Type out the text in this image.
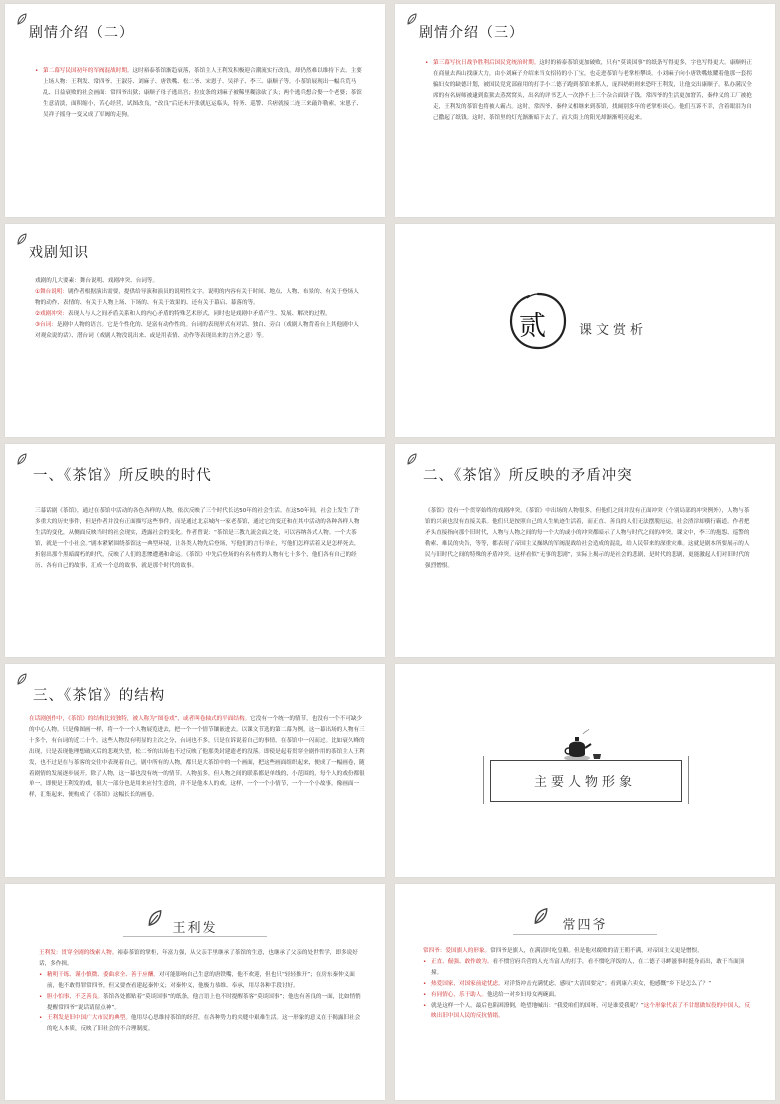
剧情介绍（二）

• 第二幕写民国初年的军阀混战时期。这时裕泰茶馆渐趋衰落，茶馆主人王利发积极迎合潮流实行改良，却仍然难以维持下去。主要上场人物：王利发、常四爷、王淑芬、刘麻子、唐铁嘴、松二爷、宋恩子、吴祥子、李三、康顺子等。小茶馆展现出一幅兵荒马乱、日益衰败的社会画面：常四爷出狱；康顺子母子逃出宫；拉皮条的刘麻子被稀里糊涂砍了头；两个逃兵想合娶一个老婆；茶馆生意清淡，面积缩小，苦心经营，试图改良，“改良”后还未开张就厄运临头，特务、巡警、兵痞就接二连三来敲诈勒索，宋恩子、吴祥子摇身一变又成了军阀的走狗。

剧情介绍（三）

• 第三幕写抗日战争胜利后国民党统治时期。这时的裕泰茶馆更加破败，只有“莫谈国事”的纸条写得更多，字也写得更大。康顺妈正在商量去西山找康大力，由小刘麻子介绍来当女招待的小丁宝，也走进茶馆与老掌柜攀谈。小刘麻子向小唐铁嘴炫耀着他那一套拐骗妇女的缺德计划，被国民党党部雇用的打手小二德子跑到茶馆来抓人，庞四奶奶则来恐吓王利发，让他交出康顺子。私办满汉全席的有名厨师被逮到监狱去蒸窝窝头，出名的评书艺人一次挣不上三个杂合面饼子钱，常四爷的生活更加窘苦，秦仲义的工厂被抢走，王利发的茶馆也将被人霸占。这时，常四爷、秦仲义相继来到茶馆，找阔别多年的老掌柜谈心。他们互诉不幸，含着眼泪为自己撒起了纸钱。这时，茶馆里的灯光渐渐暗下去了，而大街上的阳光却渐渐明亮起来。

戏剧知识

戏剧的几大要素：舞台说明、戏剧冲突、台词等。

①舞台说明：剧作者根据演出需要，提供给导演和演员的说明性文字。说明的内容有关于时间、地点、人物、布景的、有关于登场人物的动作、表情的、有关于人物上场、下场的、有关于效果的、还有关于幕启、幕落的等。

②戏剧冲突：表现人与人之间矛盾关系和人的内心矛盾的特殊艺术形式，同时也是戏剧中矛盾产生、发展、解决的过程。

③台词：是剧中人物的语言。它是个性化的、是富有动作性的。台词的表现形式有对话、独白、旁白（戏剧人物背着台上其他剧中人对观众说的话）、潜台词（戏剧人物没说出来、或是用表情、动作等表现出来的言外之意）等。	贰	课文赏析
一、《茶馆》所反映的时代

三幕话剧《茶馆》，通过在茶馆中活动的各色各样的人物，依次反映了三个时代长达50年的社会生活。在这50年间，社会上发生了许多重大的历史事件，但是作者并没有正面描写这些事件，而是通过北京城内一家老茶馆，通过它的变迁和在其中活动的各种各样人物生活的变化，从侧面反映当时的社会现实，透露社会的变化。作者曾说：“茶馆是三教九流会面之处，可以容纳各式人物。一个大茶馆，就是一个小社会。”剧本紧紧围绕茶馆这一典型环境，让各类人物先后登场，写他们的言行举止，写他们怎样活着又是怎样死去，折射出那个黑暗腐朽的时代，反映了人们的悲惨遭遇和命运。《茶馆》中先后登场的有名有姓的人物有七十多个，他们各有自己的经历、各有自己的故事，汇成一个总的故事，就是那个时代的故事。

二、《茶馆》所反映的矛盾冲突

《茶馆》没有一个贯穿始终的戏剧冲突。《茶馆》中出场的人物很多，但他们之间并没有正面冲突（个别局部的冲突例外），人物与茶馆的兴衰也没有直接关系。他们只是按照自己的人生轨迹生活着，而正直、善良的人们无法摆脱厄运，社会渣滓却横行霸道。作者把矛头直接指向那个旧时代，人物与人物之间的每一个大的或小的冲突都暗示了人物与时代之间的冲突。课文中，李三的抱怨、巡警的勒索、难民的央告，等等，都表现了帝国主义操纵的军阀混战给社会造成的混乱，给人民带来的深重灾难。这就是剧本所要展示的人民与旧时代之间的特殊的矛盾冲突。这样看似“无事的悲剧”，实际上揭示的是社会的悲剧，是时代的悲剧，更能激起人们对旧时代的强烈憎恨。

三、《茶馆》的结构

在话剧创作中，《茶馆》的结构比较独特，被人称为“图卷戏”，或者叫卷轴式的平面结构。它没有一个统一的情节，也没有一个不可缺少的中心人物。只是像图画一样，将一个一个人物展览进去，把一个一个情节镶嵌进去。以课文节选的第二幕为例，这一幕出场的人物有三十多个，有台词的近二十个。这些人物没有明显的主次之分，台词也不多，只是在诉说着自己的事情，在茶馆中一闪而过。比如衰久峰的出现，只是表现他理想破灭后的悲观失望，松二爷的出场也不过反映了他那类封建遗老的没落。即使是起着贯穿全剧作用的茶馆主人王利发，也不过是在与茶客的交往中表现着自己。剧中所有的人物，都只是大茶馆中的一个画面，把这些画面组织起来，便成了一幅画卷，随着剧情的发展逐步展开。除了人物，这一幕也没有统一的情节。人物虽多，但人物之间的联系都是单线的，小范围的，每个人的戏份都很单一。即便是王利发的戏，很大一部分也是用来应付生意的，并不是他本人的戏。这样，一个一个小情节，一个一个小故事，像画面一样，汇集起来，便构成了《茶馆》这幅长长的画卷。

主要人物形象
王利发

王利发：贯穿全剧的线索人物。裕泰茶馆的掌柜，年富力强，从父亲手里继承了茶馆的生意，也继承了父亲的处世哲学，即多说好话，多作揖。

• 精明干练、谨小慎微、委曲求全、善于应酬。对可能影响自己生意的唐铁嘴，他不欢迎，但也只“轻轻推开”；在房东秦仲义面前，他不敢得罪常四爷，但又要查看建起秦仲义；对秦仲义，他极力恭维、奉承，用尽各种手段讨好。

• 胆小怕事、不乏善良。茶馆各处都贴着“莫谈国事”的纸条，他言语上也不时提醒茶客“莫谈国事”；他也有善良的一面，比如悄悄提醒常四爷“说话请留点神”。

• 王利发是旧中国广大市民的典型。他用尽心思维持茶馆的经营，在各种势力的夹缝中艰难生活。这一形象的意义在于揭露旧社会的吃人本质，反映了旧社会的不合理制度。

常四爷

常四爷：爱国旗人的形象。常四爷是旗人，在满清时吃皇粮。但是他对腐败的清王朝不满，对帝国主义更是憎恨。

• 正直、倔强、敢作敢为。看不惯官府兵营的人充当富人的打手，看不惯吃洋饭的人，在二德子寻衅滋事时挺身而出，敢于当面顶撞。

• 热爱国家，对国家前途忧虑。对洋货冲击充满忧虑，感叹“大清国要完”；看到康六卖女，他感慨“乡下是怎么了？”

• 有同情心，乐于助人。他送给一对乡妇母女两碗面。

• 就是这样一个人，最后也陷困潦倒，绝望地喊出：“我爱咱们的国呀，可是谁爱我呢？”这个形象代表了不甘愿做奴役的中国人，反映出旧中国人民的反抗情绪。
